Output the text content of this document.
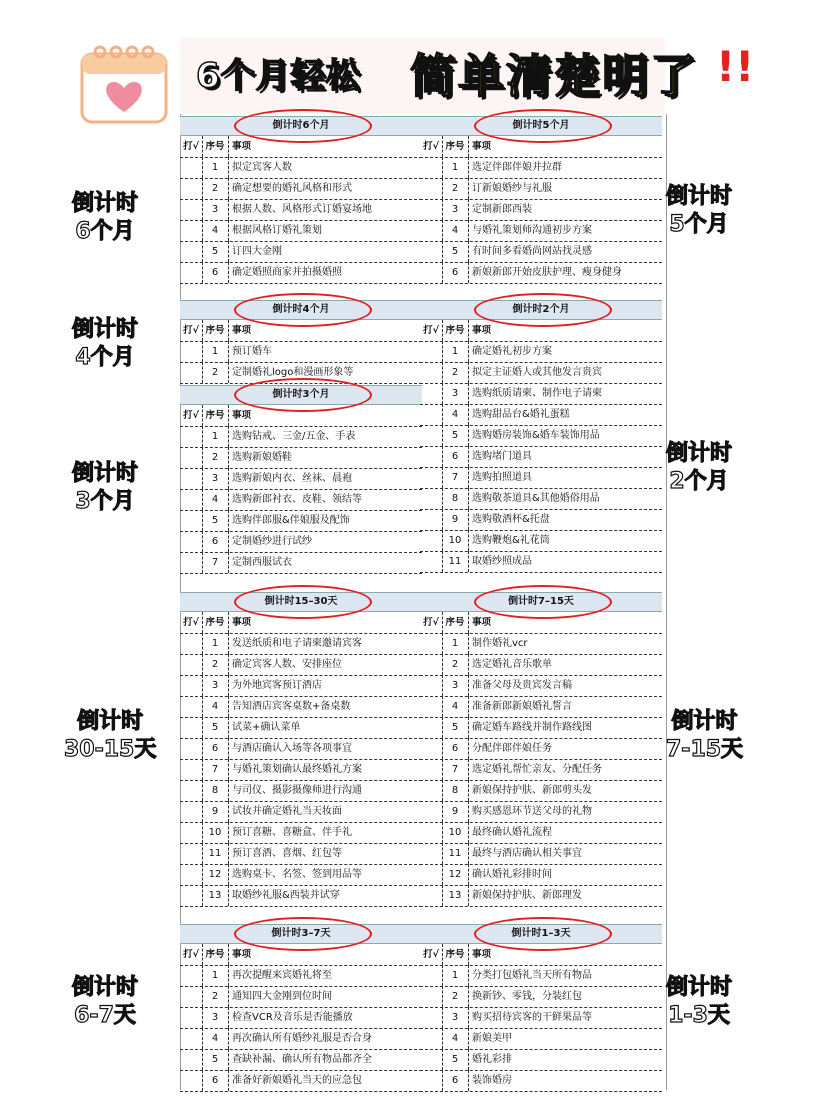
6个月轻松 简单清楚明了 !!
倒计时6个月
打√ 序号 事项
1	拟定宾客人数
2	确定想要的婚礼风格和形式
3	根据人数、风格形式订婚宴场地
4	根据风格订婚礼策划
5	订四大金刚
6	确定婚照商家并拍摄婚照
倒计时5个月
打√ 序号 事项
1	选定伴郎伴娘并拉群
2	订新娘婚纱与礼服
3	定制新郎西装
4	与婚礼策划师沟通初步方案
5	有时间多看婚尚网站找灵感
6	新娘新郎开始皮肤护理、瘦身健身
倒计时4个月
打√ 序号 事项
1	预订婚车
2	定制婚礼logo和漫画形象等
倒计时3个月
打√ 序号 事项
1	选购钻戒、三金/五金、手表
2	选购新娘婚鞋
3	选购新娘内衣、丝袜、晨袍
4	选购新郎衬衣、皮鞋、领结等
5	选购伴郎服&伴娘服及配饰
6	定制婚纱进行试纱
7	定制西服试衣
倒计时2个月
打√ 序号 事项
1	确定婚礼初步方案
2	拟定主证婚人或其他发言贵宾
3	选购纸质请柬、制作电子请柬
4	选购甜品台&婚礼蛋糕
5	选购婚房装饰&婚车装饰用品
6	选购堵门道具
7	选购拍照道具
8	选购敬茶道具&其他婚俗用品
9	选购敬酒杯&托盘
10	选购鞭炮&礼花筒
11	取婚纱照成品
倒计时15–30天
打√ 序号 事项
1	发送纸质和电子请柬邀请宾客
2	确定宾客人数、安排座位
3	为外地宾客预订酒店
4	告知酒店宾客桌数+备桌数
5	试菜+确认菜单
6	与酒店确认入场等各项事宜
7	与婚礼策划确认最终婚礼方案
8	与司仪、摄影摄像师进行沟通
9	试妆并确定婚礼当天妆面
10	预订喜糖、喜糖盒、伴手礼
11	预订喜酒、喜烟、红包等
12	选购桌卡、名签、签到用品等
13	取婚纱礼服&西装并试穿
倒计时7–15天
打√ 序号 事项
1	制作婚礼vcr
2	选定婚礼音乐歌单
3	准备父母及贵宾发言稿
4	准备新郎新娘婚礼誓言
5	确定婚车路线并制作路线图
6	分配伴郎伴娘任务
7	选定婚礼帮忙亲友、分配任务
8	新娘保持护肤、新郎剪头发
9	购买感恩环节送父母的礼物
10	最终确认婚礼流程
11	最终与酒店确认相关事宜
12	确认婚礼彩排时间
13	新娘保持护肤、新郎理发
倒计时3–7天
打√ 序号 事项
1	再次提醒来宾婚礼将至
2	通知四大金刚到位时间
3	检查VCR及音乐是否能播放
4	再次确认所有婚纱礼服是否合身
5	查缺补漏、确认所有物品都齐全
6	准备好新娘婚礼当天的应急包
倒计时1–3天
打√ 序号 事项
1	分类打包婚礼当天所有物品
2	换新钞、零钱，分装红包
3	购买招待宾客的干鲜果品等
4	新娘美甲
5	婚礼彩排
6	装饰婚房
倒计时
6个月
倒计时
5个月
倒计时
4个月
倒计时
3个月
倒计时
2个月
倒计时
30-15天
倒计时
7-15天
倒计时
6-7天
倒计时
1-3天
